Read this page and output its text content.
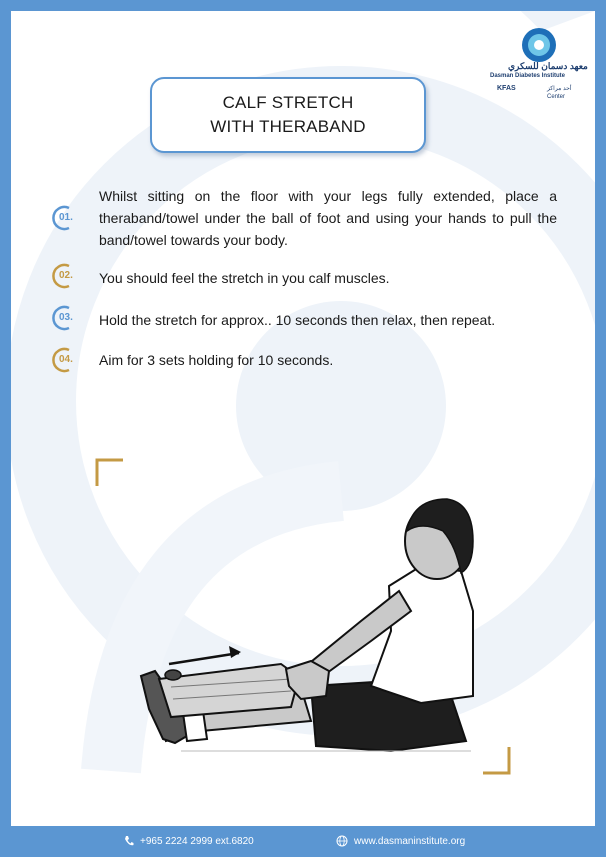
CALF STRETCH
WITH THERABAND
01.
Whilst sitting on the floor with your legs fully extended, place a theraband/towel under the ball of foot and using your hands to pull the band/towel towards your body.
02. You should feel the stretch in you calf muscles.
03. Hold the stretch for approx.. 10 seconds then relax, then repeat.
04. Aim for 3 sets holding for 10 seconds.
معهد دسمان للسكري
Dasman Diabetes Institute
KFAS	أحد مراكز Center
+965 2224 2999 ext.6820	www.dasmaninstitute.org
